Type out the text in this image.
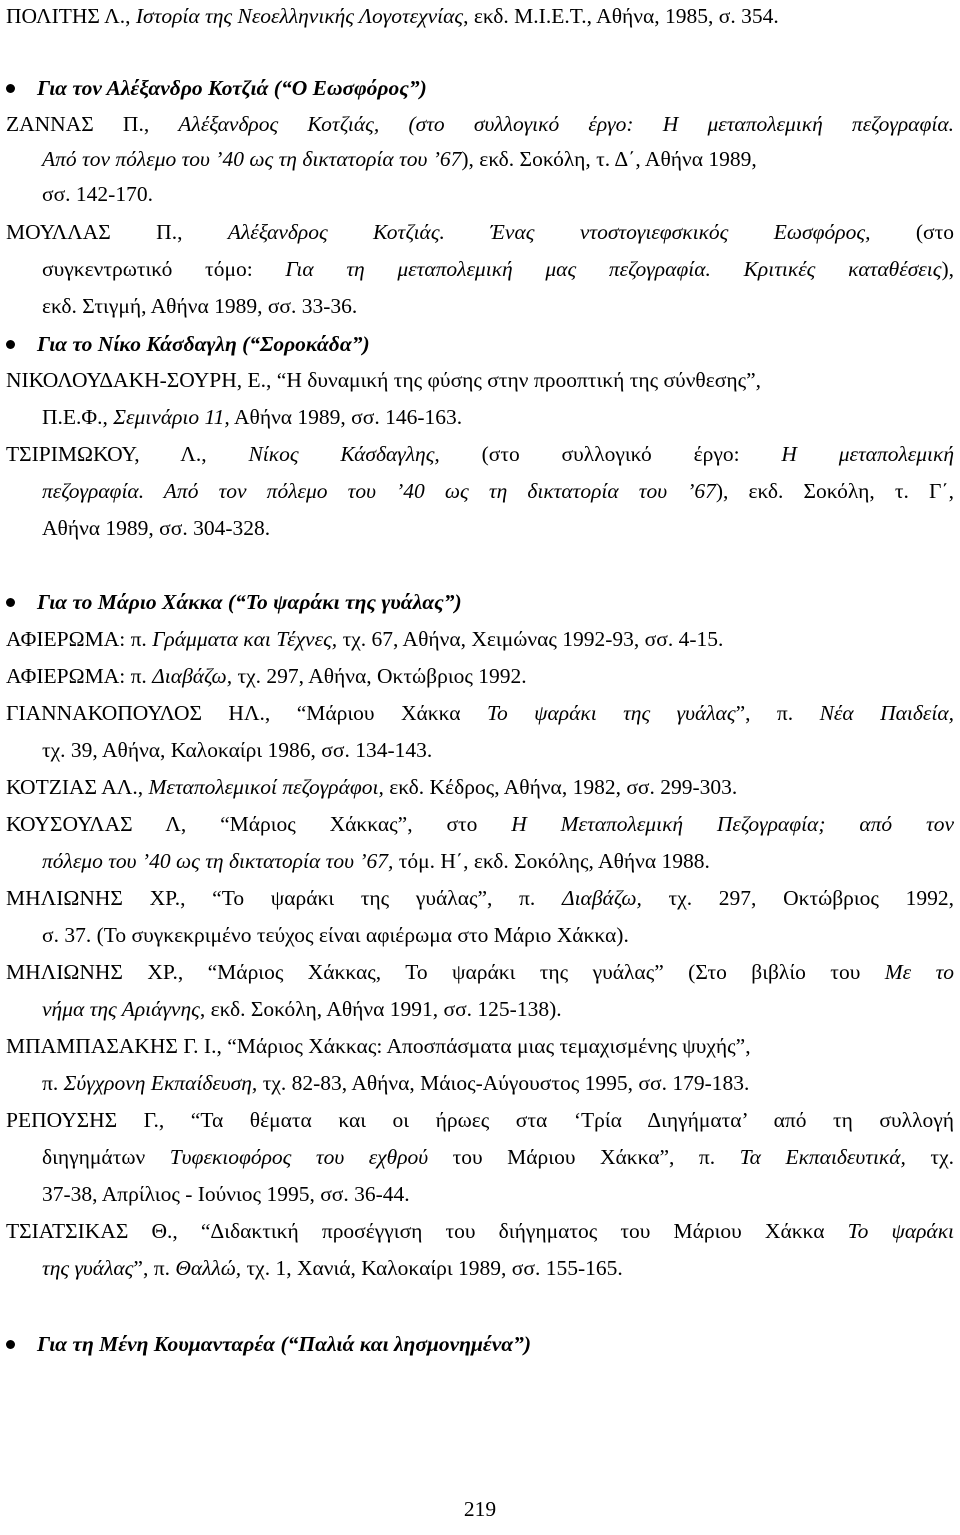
ΠΟΛΙΤΗΣ Λ., Ιστορία της Νεοελληνικής Λογοτεχνίας, εκδ. Μ.Ι.Ε.Τ., Αθήνα, 1985, σ. 354.
Για τον Αλέξανδρο Κοτζιά (“Ο Εωσφόρος”)
ΖΑΝΝΑΣ Π., Αλέξανδρος Κοτζιάς, (στο συλλογικό έργο: Η μεταπολεμική πεζογραφία.
Από τον πόλεμο του ’40 ως τη δικτατορία του ’67), εκδ. Σοκόλη, τ. Δ΄, Αθήνα 1989,
σσ. 142-170.
ΜΟΥΛΛΑΣ Π., Αλέξανδρος Κοτζιάς. Ένας ντοστογιεφσκικός Εωσφόρος, (στο
συγκεντρωτικό τόμο: Για τη μεταπολεμική μας πεζογραφία. Κριτικές καταθέσεις),
εκδ. Στιγμή, Αθήνα 1989, σσ. 33-36.
Για το Νίκο Κάσδαγλη (“Σοροκάδα”)
ΝΙΚΟΛΟΥΔΑΚΗ-ΣΟΥΡΗ, Ε., “Η δυναμική της φύσης στην προοπτική της σύνθεσης”,
Π.Ε.Φ., Σεμινάριο 11, Αθήνα 1989, σσ. 146-163.
ΤΣΙΡΙΜΩΚΟΥ, Λ., Νίκος Κάσδαγλης, (στο συλλογικό έργο: Η μεταπολεμική
πεζογραφία. Από τον πόλεμο του ’40 ως τη δικτατορία του ’67), εκδ. Σοκόλη, τ. Γ΄,
Αθήνα 1989, σσ. 304-328.
Για το Μάριο Χάκκα (“Το ψαράκι της γυάλας”)
ΑΦΙΕΡΩΜΑ: π. Γράμματα και Τέχνες, τχ. 67, Αθήνα, Χειμώνας 1992-93, σσ. 4-15.
ΑΦΙΕΡΩΜΑ: π. Διαβάζω, τχ. 297, Αθήνα, Οκτώβριος 1992.
ΓΙΑΝΝΑΚΟΠΟΥΛΟΣ ΗΛ., “Μάριου Χάκκα Το ψαράκι της γυάλας”, π. Νέα Παιδεία,
τχ. 39, Αθήνα, Καλοκαίρι 1986, σσ. 134-143.
ΚΟΤΖΙΑΣ ΑΛ., Μεταπολεμικοί πεζογράφοι, εκδ. Κέδρος, Αθήνα, 1982, σσ. 299-303.
ΚΟΥΣΟΥΛΑΣ Λ, “Μάριος Χάκκας”, στο Η Μεταπολεμική Πεζογραφία; από τον
πόλεμο του ’40 ως τη δικτατορία του ’67, τόμ. Η΄, εκδ. Σοκόλης, Αθήνα 1988.
ΜΗΛΙΩΝΗΣ ΧΡ., “Το ψαράκι της γυάλας”, π. Διαβάζω, τχ. 297, Οκτώβριος 1992,
σ. 37. (Το συγκεκριμένο τεύχος είναι αφιέρωμα στο Μάριο Χάκκα).
ΜΗΛΙΩΝΗΣ ΧΡ., “Μάριος Χάκκας, Το ψαράκι της γυάλας” (Στο βιβλίο του Με το
νήμα της Αριάγνης, εκδ. Σοκόλη, Αθήνα 1991, σσ. 125-138).
ΜΠΑΜΠΑΣΑΚΗΣ Γ. Ι., “Μάριος Χάκκας: Αποσπάσματα μιας τεμαχισμένης ψυχής”,
π. Σύγχρονη Εκπαίδευση, τχ. 82-83, Αθήνα, Μάιος-Αύγουστος 1995, σσ. 179-183.
ΡΕΠΟΥΣΗΣ Γ., “Τα θέματα και οι ήρωες στα ‘Τρία Διηγήματα’ από τη συλλογή
διηγημάτων Τυφεκιοφόρος του εχθρού του Μάριου Χάκκα”, π. Τα Εκπαιδευτικά, τχ.
37-38, Απρίλιος - Ιούνιος 1995, σσ. 36-44.
ΤΣΙΑΤΣΙΚΑΣ Θ., “Διδακτική προσέγγιση του διήγηματος του Μάριου Χάκκα Το ψαράκι
της γυάλας”, π. Θαλλώ, τχ. 1, Χανιά, Καλοκαίρι 1989, σσ. 155-165.
Για τη Μένη Κουμανταρέα (“Παλιά και λησμονημένα”)
219
